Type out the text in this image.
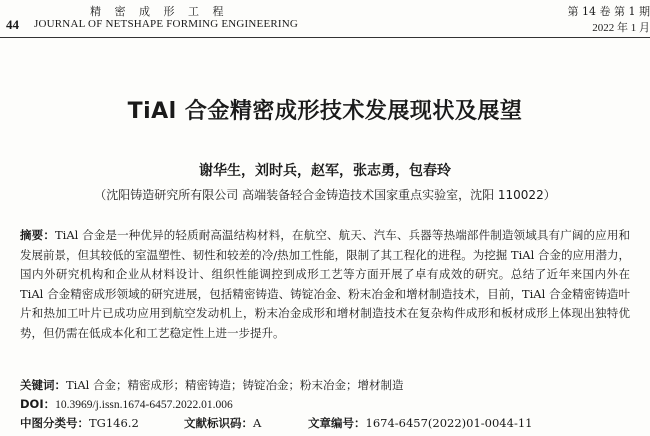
44
精 密 成 形 工 程
JOURNAL OF NETSHAPE FORMING ENGINEERING
第 14 卷 第 1 期
2022 年 1 月
TiAl 合金精密成形技术发展现状及展望
谢华生，刘时兵，赵军，张志勇，包春玲
（沈阳铸造研究所有限公司 高端装备轻合金铸造技术国家重点实验室，沈阳 110022）
摘要：TiAl 合金是一种优异的轻质耐高温结构材料，在航空、航天、汽车、兵器等热端部件制造领域具有广阔的应用和发展前景，但其较低的室温塑性、韧性和较差的冷/热加工性能，限制了其工程化的进程。为挖掘 TiAl 合金的应用潜力，国内外研究机构和企业从材料设计、组织性能调控到成形工艺等方面开展了卓有成效的研究。总结了近年来国内外在 TiAl 合金精密成形领域的研究进展，包括精密铸造、铸锭冶金、粉末冶金和增材制造技术，目前，TiAl 合金精密铸造叶片和热加工叶片已成功应用到航空发动机上，粉末冶金成形和增材制造技术在复杂构件成形和板材成形上体现出独特优势，但仍需在低成本化和工艺稳定性上进一步提升。
关键词：TiAl 合金；精密成形；精密铸造；铸锭冶金；粉末冶金；增材制造
DOI：10.3969/j.issn.1674-6457.2022.01.006
中图分类号：TG146.2	文献标识码：A	文章编号：1674-6457(2022)01-0044-11
